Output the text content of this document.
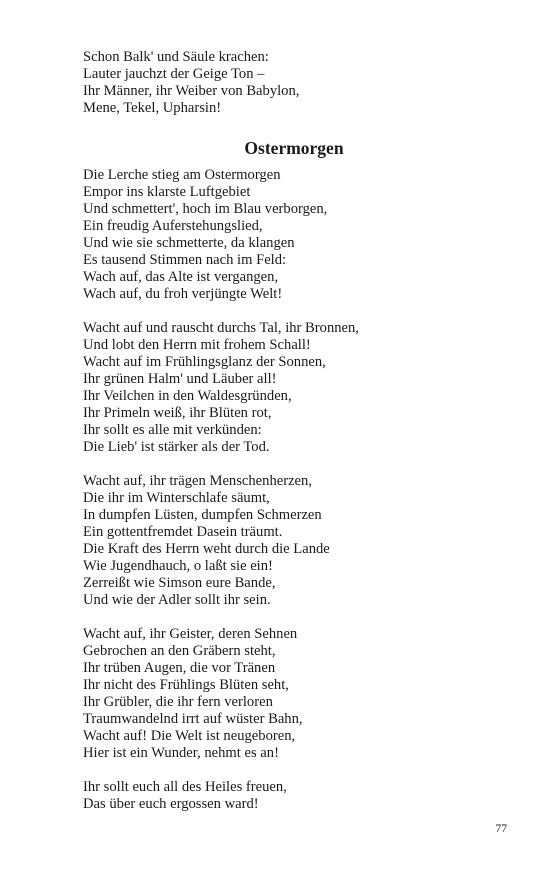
Schon Balk' und Säule krachen:
Lauter jauchzt der Geige Ton –
Ihr Männer, ihr Weiber von Babylon,
Mene, Tekel, Upharsin!
Ostermorgen
Die Lerche stieg am Ostermorgen
Empor ins klarste Luftgebiet
Und schmettert', hoch im Blau verborgen,
Ein freudig Auferstehungslied,
Und wie sie schmetterte, da klangen
Es tausend Stimmen nach im Feld:
Wach auf, das Alte ist vergangen,
Wach auf, du froh verjüngte Welt!
Wacht auf und rauscht durchs Tal, ihr Bronnen,
Und lobt den Herrn mit frohem Schall!
Wacht auf im Frühlingsglanz der Sonnen,
Ihr grünen Halm' und Läuber all!
Ihr Veilchen in den Waldesgründen,
Ihr Primeln weiß, ihr Blüten rot,
Ihr sollt es alle mit verkünden:
Die Lieb' ist stärker als der Tod.
Wacht auf, ihr trägen Menschenherzen,
Die ihr im Winterschlafe säumt,
In dumpfen Lüsten, dumpfen Schmerzen
Ein gottentfremdet Dasein träumt.
Die Kraft des Herrn weht durch die Lande
Wie Jugendhauch, o laßt sie ein!
Zerreißt wie Simson eure Bande,
Und wie der Adler sollt ihr sein.
Wacht auf, ihr Geister, deren Sehnen
Gebrochen an den Gräbern steht,
Ihr trüben Augen, die vor Tränen
Ihr nicht des Frühlings Blüten seht,
Ihr Grübler, die ihr fern verloren
Traumwandelnd irrt auf wüster Bahn,
Wacht auf! Die Welt ist neugeboren,
Hier ist ein Wunder, nehmt es an!
Ihr sollt euch all des Heiles freuen,
Das über euch ergossen ward!
77
